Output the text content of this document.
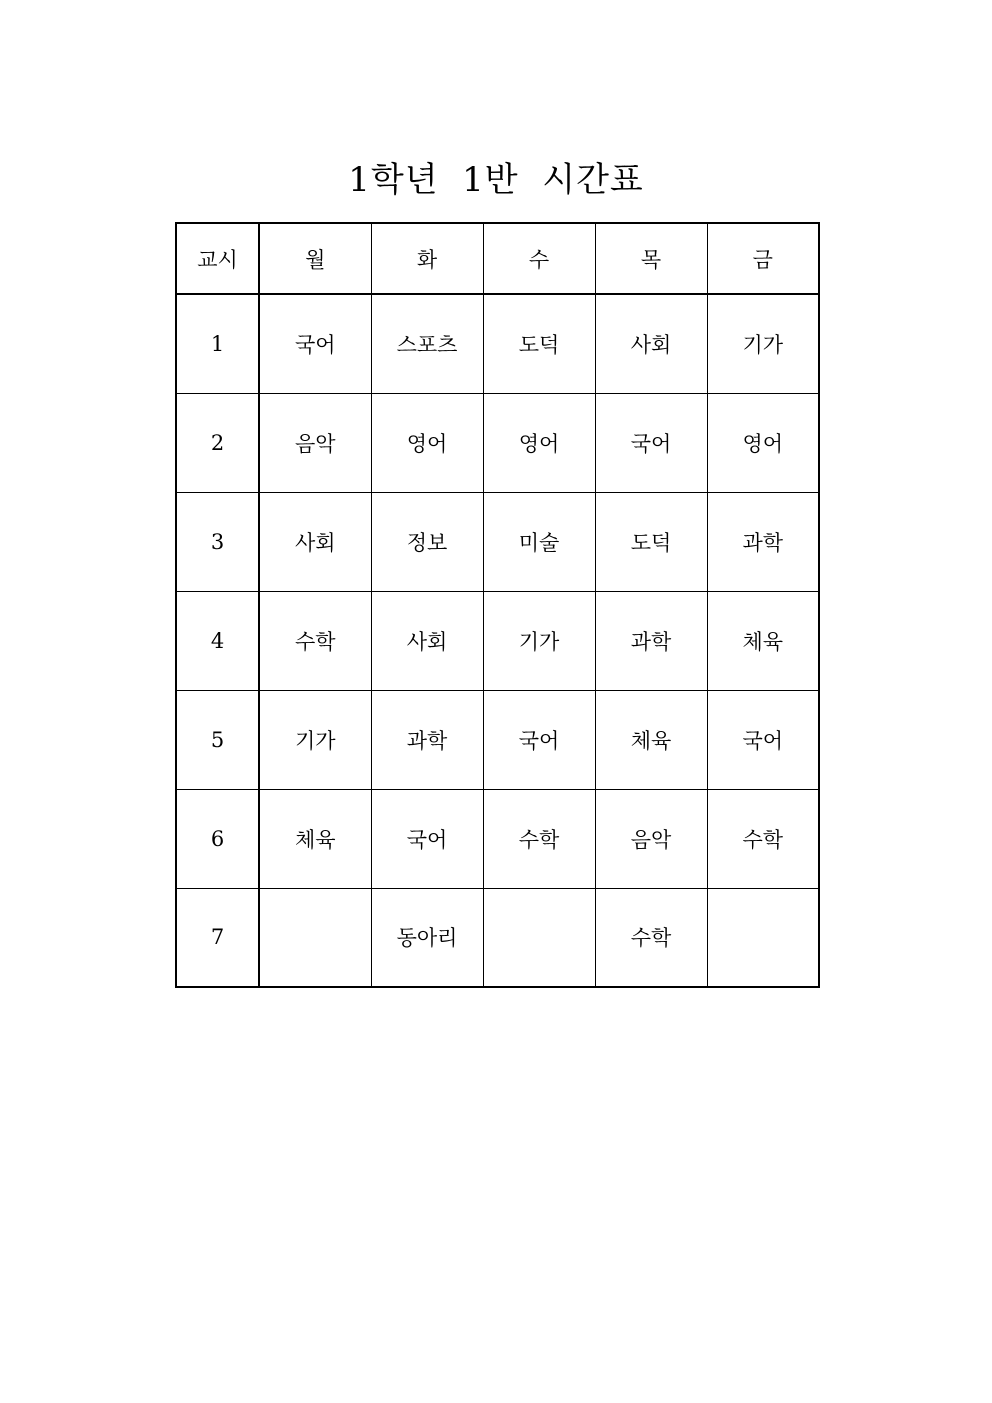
1학년  1반  시간표
교시	월	화	수	목	금
1	국어	스포츠	도덕	사회	기가
2	음악	영어	영어	국어	영어
3	사회	정보	미술	도덕	과학
4	수학	사회	기가	과학	체육
5	기가	과학	국어	체육	국어
6	체육	국어	수학	음악	수학
7		동아리		수학	
